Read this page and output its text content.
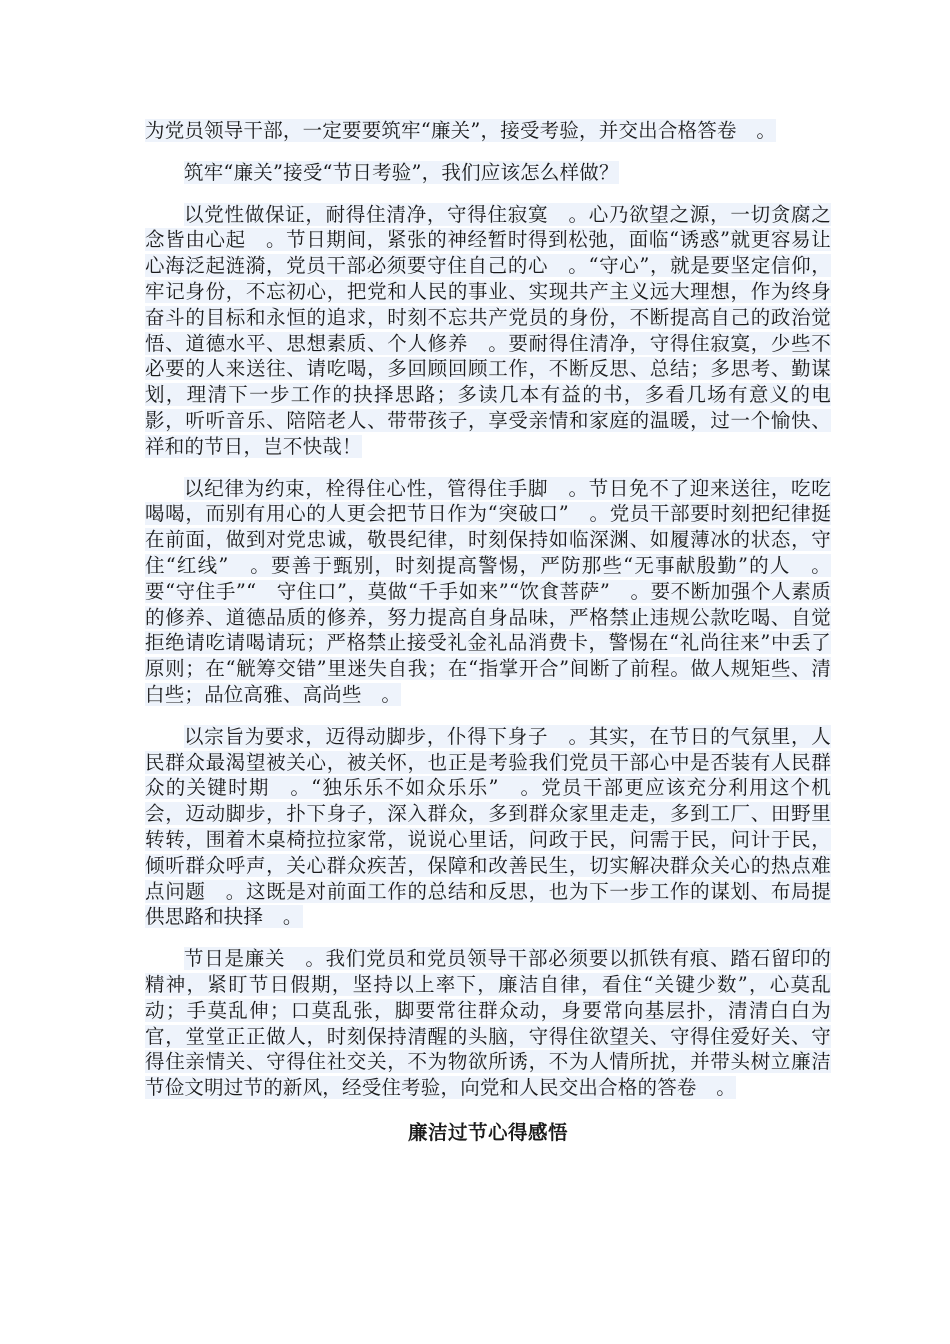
为党员领导干部，一定要要筑牢“廉关”，接受考验，并交出合格答卷　。

筑牢“廉关”接受“节日考验”，我们应该怎么样做？

以党性做保证，耐得住清净，守得住寂寞　。心乃欲望之源，一切贪腐之念皆由心起　。节日期间，紧张的神经暂时得到松弛，面临“诱惑”就更容易让心海泛起涟漪，党员干部必须要守住自己的心　。“守心”，就是要坚定信仰，牢记身份，不忘初心，把党和人民的事业、实现共产主义远大理想，作为终身奋斗的目标和永恒的追求，时刻不忘共产党员的身份，不断提高自己的政治觉悟、道德水平、思想素质、个人修养　。要耐得住清净，守得住寂寞，少些不必要的人来送往、请吃喝，多回顾回顾工作，不断反思、总结；多思考、勤谋划，理清下一步工作的抉择思路；多读几本有益的书，多看几场有意义的电影，听听音乐、陪陪老人、带带孩子，享受亲情和家庭的温暖，过一个愉快、祥和的节日，岂不快哉！

以纪律为约束，栓得住心性，管得住手脚　。节日免不了迎来送往，吃吃喝喝，而别有用心的人更会把节日作为“突破口”　。党员干部要时刻把纪律挺在前面，做到对党忠诚，敬畏纪律，时刻保持如临深渊、如履薄冰的状态，守住“红线”　。要善于甄别，时刻提高警惕，严防那些“无事献殷勤”的人　。要“守住手”“　守住口”，莫做“千手如来”“饮食菩萨”　。要不断加强个人素质的修养、道德品质的修养，努力提高自身品味，严格禁止违规公款吃喝、自觉拒绝请吃请喝请玩；严格禁止接受礼金礼品消费卡，警惕在“礼尚往来”中丢了原则；在“觥筹交错”里迷失自我；在“指掌开合”间断了前程。做人规矩些、清白些；品位高雅、高尚些　。

以宗旨为要求，迈得动脚步，仆得下身子　。其实，在节日的气氛里，人民群众最渴望被关心，被关怀，也正是考验我们党员干部心中是否装有人民群众的关键时期　。“独乐乐不如众乐乐”　。党员干部更应该充分利用这个机会，迈动脚步，扑下身子，深入群众，多到群众家里走走，多到工厂、田野里转转，围着木桌椅拉拉家常，说说心里话，问政于民，问需于民，问计于民，倾听群众呼声，关心群众疾苦，保障和改善民生，切实解决群众关心的热点难点问题　。这既是对前面工作的总结和反思，也为下一步工作的谋划、布局提供思路和抉择　。

节日是廉关　。我们党员和党员领导干部必须要以抓铁有痕、踏石留印的精神，紧盯节日假期，坚持以上率下，廉洁自律，看住“关键少数”，心莫乱动；手莫乱伸；口莫乱张，脚要常往群众动，身要常向基层扑，清清白白为官，堂堂正正做人，时刻保持清醒的头脑，守得住欲望关、守得住爱好关、守得住亲情关、守得住社交关，不为物欲所诱，不为人情所扰，并带头树立廉洁节俭文明过节的新风，经受住考验，向党和人民交出合格的答卷　。

廉洁过节心得感悟
